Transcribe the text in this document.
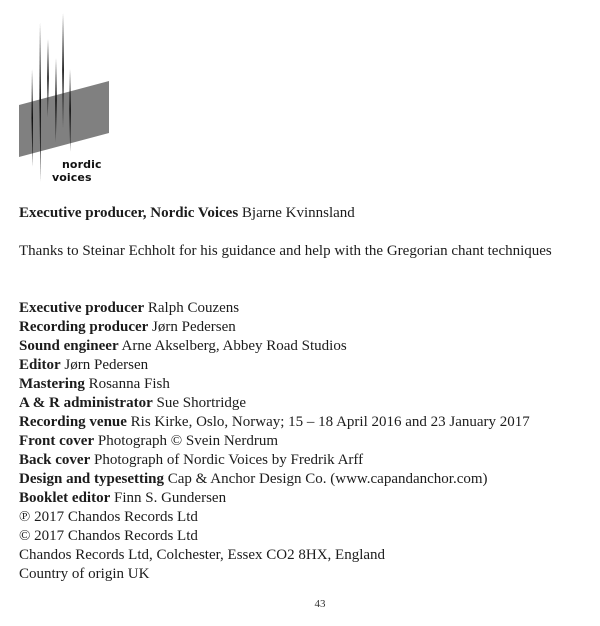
nordic
voices
Executive producer, Nordic Voices Bjarne Kvinnsland
Thanks to Steinar Echholt for his guidance and help with the Gregorian chant techniques
Executive producer Ralph Couzens
Recording producer Jørn Pedersen
Sound engineer Arne Akselberg, Abbey Road Studios
Editor Jørn Pedersen
Mastering Rosanna Fish
A & R administrator Sue Shortridge
Recording venue Ris Kirke, Oslo, Norway; 15 – 18 April 2016 and 23 January 2017
Front cover Photograph © Svein Nerdrum
Back cover Photograph of Nordic Voices by Fredrik Arff
Design and typesetting Cap & Anchor Design Co. (www.capandanchor.com)
Booklet editor Finn S. Gundersen
℗ 2017 Chandos Records Ltd
© 2017 Chandos Records Ltd
Chandos Records Ltd, Colchester, Essex CO2 8HX, England
Country of origin UK
43
